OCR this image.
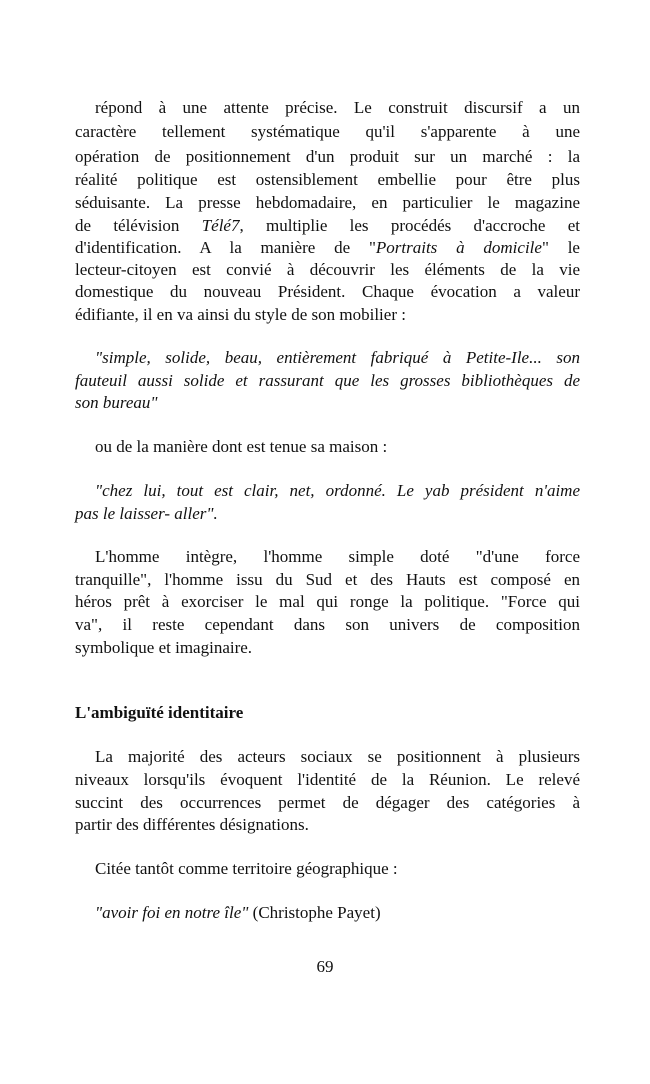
répond à une attente précise. Le construit discursif a un
caractère tellement systématique qu'il s'apparente à une
opération de positionnement d'un produit sur un marché : la
réalité politique est ostensiblement embellie pour être plus
séduisante. La presse hebdomadaire, en particulier le magazine
de télévision Télé7, multiplie les procédés d'accroche et
d'identification. A la manière de "Portraits à domicile" le
lecteur-citoyen est convié à découvrir les éléments de la vie
domestique du nouveau Président. Chaque évocation a valeur
édifiante, il en va ainsi du style de son mobilier :
"simple, solide, beau, entièrement fabriqué à Petite-Ile... son
fauteuil aussi solide et rassurant que les grosses bibliothèques de
son bureau"
ou de la manière dont est tenue sa maison :
"chez lui, tout est clair, net, ordonné. Le yab président n'aime
pas le laisser- aller".
L'homme intègre, l'homme simple doté "d'une force
tranquille", l'homme issu du Sud et des Hauts est composé en
héros prêt à exorciser le mal qui ronge la politique. "Force qui
va", il reste cependant dans son univers de composition
symbolique et imaginaire.
L'ambiguïté identitaire
La majorité des acteurs sociaux se positionnent à plusieurs
niveaux lorsqu'ils évoquent l'identité de la Réunion. Le relevé
succint des occurrences permet de dégager des catégories à
partir des différentes désignations.
Citée tantôt comme territoire géographique :
"avoir foi en notre île" (Christophe Payet)
69
